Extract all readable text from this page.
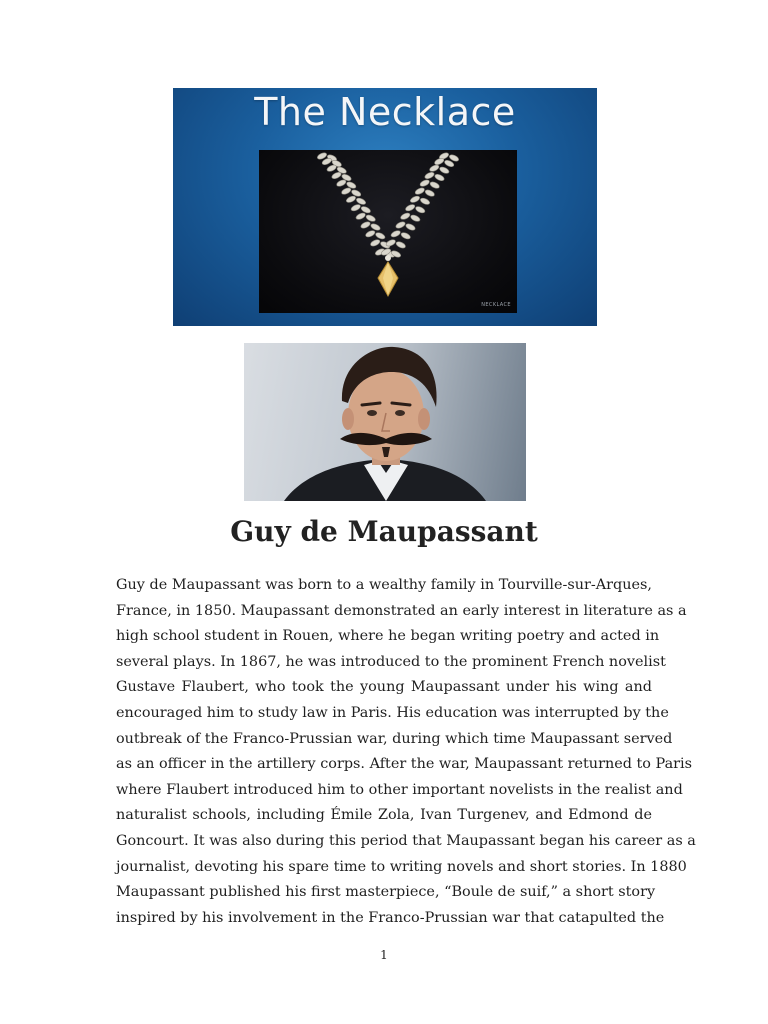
The Necklace
NECKLACE
Guy de Maupassant
Guy de Maupassant was born to a wealthy family in Tourville-sur-Arques,
France, in 1850. Maupassant demonstrated an early interest in literature as a
high school student in Rouen, where he began writing poetry and acted in
several plays. In 1867, he was introduced to the prominent French novelist
Gustave Flaubert, who took the young Maupassant under his wing and
encouraged him to study law in Paris. His education was interrupted by the
outbreak of the Franco-Prussian war, during which time Maupassant served
as an officer in the artillery corps. After the war, Maupassant returned to Paris
where Flaubert introduced him to other important novelists in the realist and
naturalist schools, including Émile Zola, Ivan Turgenev, and Edmond de
Goncourt. It was also during this period that Maupassant began his career as a
journalist, devoting his spare time to writing novels and short stories. In 1880
Maupassant published his first masterpiece, “Boule de suif,” a short story
inspired by his involvement in the Franco-Prussian war that catapulted the
1
